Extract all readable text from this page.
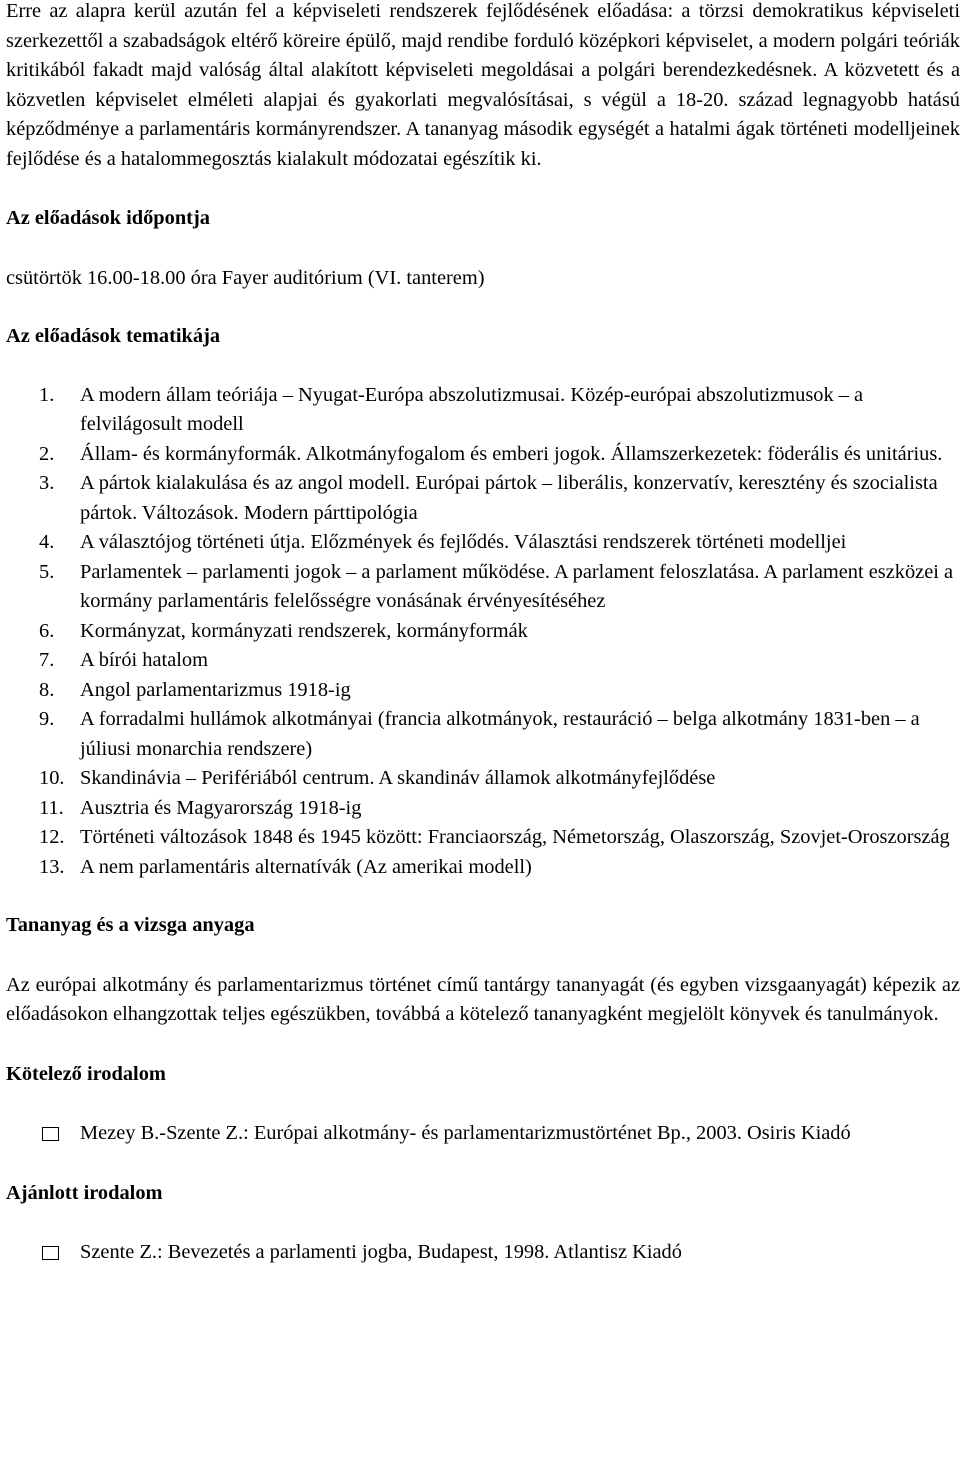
Erre az alapra kerül azután fel a képviseleti rendszerek fejlődésének előadása: a törzsi demokratikus képviseleti szerkezettől a szabadságok eltérő köreire épülő, majd rendibe forduló középkori képviselet, a modern polgári teóriák kritikából fakadt majd valóság által alakított képviseleti megoldásai a polgári berendezkedésnek. A közvetett és a közvetlen képviselet elméleti alapjai és gyakorlati megvalósításai, s végül a 18-20. század legnagyobb hatású képződménye a parlamentáris kormányrendszer. A tananyag második egységét a hatalmi ágak történeti modelljeinek fejlődése és a hatalommegosztás kialakult módozatai egészítik ki.

Az előadások időpontja

csütörtök 16.00-18.00 óra Fayer auditórium (VI. tanterem)

Az előadások tematikája
1.	A modern állam teóriája – Nyugat-Európa abszolutizmusai. Közép-európai abszolutizmusok – a felvilágosult modell
2.	Állam- és kormányformák. Alkotmányfogalom és emberi jogok. Államszerkezetek: föderális és unitárius.
3.	A pártok kialakulása és az angol modell. Európai pártok – liberális, konzervatív, keresztény és szocialista pártok. Változások. Modern párttipológia
4.	A választójog történeti útja. Előzmények és fejlődés. Választási rendszerek történeti modelljei
5.	Parlamentek – parlamenti jogok – a parlament működése. A parlament feloszlatása. A parlament eszközei a kormány parlamentáris felelősségre vonásának érvényesítéséhez
6.	Kormányzat, kormányzati rendszerek, kormányformák
7.	A bírói hatalom
8.	Angol parlamentarizmus 1918-ig
9.	A forradalmi hullámok alkotmányai (francia alkotmányok, restauráció – belga alkotmány 1831-ben – a júliusi monarchia rendszere)
10. Skandinávia – Perifériából centrum. A skandináv államok alkotmányfejlődése
11. Ausztria és Magyarország 1918-ig
12. Történeti változások 1848 és 1945 között: Franciaország, Németország, Olaszország, Szovjet-Oroszország
13. A nem parlamentáris alternatívák (Az amerikai modell)
Tananyag és a vizsga anyaga

Az európai alkotmány és parlamentarizmus történet című tantárgy tananyagát (és egyben vizsgaanyagát) képezik az előadásokon elhangzottak teljes egészükben, továbbá a kötelező tananyagként megjelölt könyvek és tanulmányok.

Kötelező irodalom
Mezey B.-Szente Z.: Európai alkotmány- és parlamentarizmustörténet Bp., 2003. Osiris Kiadó
Ajánlott irodalom
Szente Z.: Bevezetés a parlamenti jogba, Budapest, 1998. Atlantisz Kiadó
